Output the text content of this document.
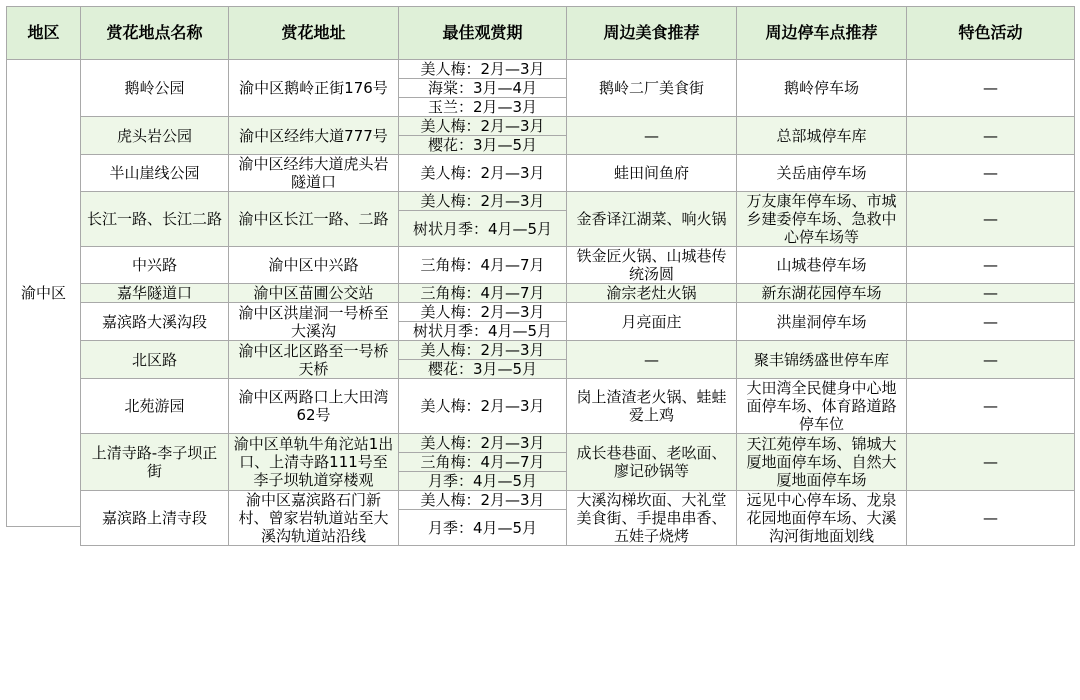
地区	赏花地点名称	赏花地址	最佳观赏期	周边美食推荐	周边停车点推荐	特色活动
渝中区	鹅岭公园	渝中区鹅岭正街176号	美人梅：2月—3月	鹅岭二厂美食街	鹅岭停车场	—
			海棠：3月—4月			
			玉兰：2月—3月			
	虎头岩公园	渝中区经纬大道777号	美人梅：2月—3月	—	总部城停车库	—
			樱花：3月—5月			
	半山崖线公园	渝中区经纬大道虎头岩隧道口	美人梅：2月—3月	蛙田间鱼府	关岳庙停车场	—

	长江一路、长江二路	渝中区长江一路、二路	美人梅：2月—3月	金香译江湖菜、响火锅	万友康年停车场、市城乡建委停车场、急救中心停车场等	—
			树状月季：4月—5月			

	中兴路	渝中区中兴路	三角梅：4月—7月	铁金匠火锅、山城巷传统汤圆	山城巷停车场	—

	嘉华隧道口	渝中区苗圃公交站	三角梅：4月—7月	渝宗老灶火锅	新东湖花园停车场	—
	嘉滨路大溪沟段	渝中区洪崖洞一号桥至大溪沟	美人梅：2月—3月	月亮面庄	洪崖洞停车场	—
			树状月季：4月—5月			
	北区路	渝中区北区路至一号桥天桥	美人梅：2月—3月	—	聚丰锦绣盛世停车库	—
			樱花：3月—5月			
	北苑游园	渝中区两路口上大田湾62号	美人梅：2月—3月	岗上渣渣老火锅、蛙蛙爱上鸡	大田湾全民健身中心地面停车场、体育路道路停车位	—

	上清寺路-李子坝正街	渝中区单轨牛角沱站1出口、上清寺路111号至李子坝轨道穿楼观	美人梅：2月—3月	成长巷巷面、老吆面、廖记砂锅等	天江苑停车场、锦城大厦地面停车场、自然大厦地面停车场	—
			三角梅：4月—7月			
			月季：4月—5月			
	嘉滨路上清寺段	渝中区嘉滨路石门新村、曾家岩轨道站至大溪沟轨道站沿线	美人梅：2月—3月	大溪沟梯坎面、大礼堂美食街、手提串串香、五娃子烧烤	远见中心停车场、龙泉花园地面停车场、大溪沟河街地面划线	—
			月季：4月—5月			
